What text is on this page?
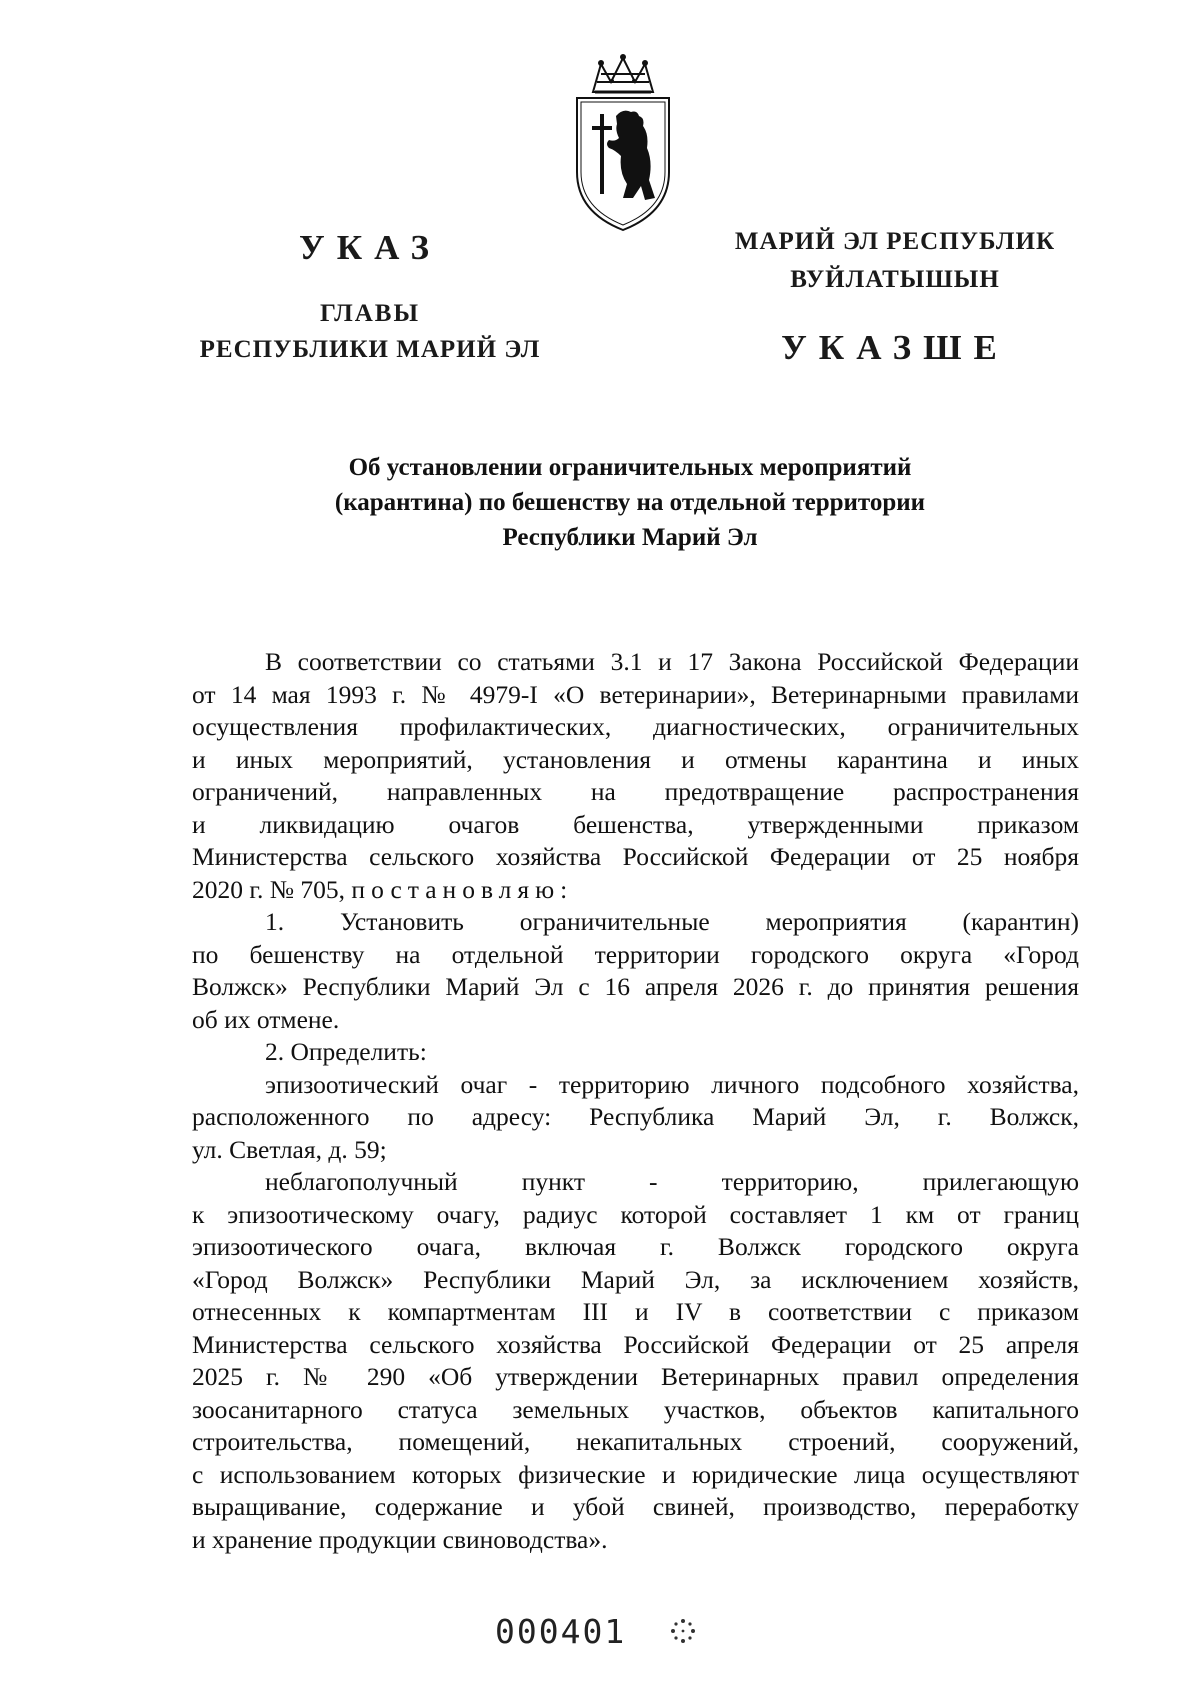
УКАЗ
ГЛАВЫ
РЕСПУБЛИКИ МАРИЙ ЭЛ
МАРИЙ ЭЛ РЕСПУБЛИК
ВУЙЛАТЫШЫН
УКАЗШЕ
Об установлении ограничительных мероприятий
(карантина) по бешенству на отдельной территории
Республики Марий Эл
В соответствии со статьями 3.1 и 17 Закона Российской Федерации
от 14 мая 1993 г. № 4979-I «О ветеринарии», Ветеринарными правилами
осуществления профилактических, диагностических, ограничительных
и иных мероприятий, установления и отмены карантина и иных
ограничений, направленных на предотвращение распространения
и ликвидацию очагов бешенства, утвержденными приказом
Министерства сельского хозяйства Российской Федерации от 25 ноября
2020 г. № 705, постановляю:
1. Установить ограничительные мероприятия (карантин)
по бешенству на отдельной территории городского округа «Город
Волжск» Республики Марий Эл с 16 апреля 2026 г. до принятия решения
об их отмене.
2. Определить:
эпизоотический очаг - территорию личного подсобного хозяйства,
расположенного по адресу: Республика Марий Эл, г. Волжск,
ул. Светлая, д. 59;
неблагополучный пункт - территорию, прилегающую
к эпизоотическому очагу, радиус которой составляет 1 км от границ
эпизоотического очага, включая г. Волжск городского округа
«Город Волжск» Республики Марий Эл, за исключением хозяйств,
отнесенных к компартментам III и IV в соответствии с приказом
Министерства сельского хозяйства Российской Федерации от 25 апреля
2025 г. № 290 «Об утверждении Ветеринарных правил определения
зоосанитарного статуса земельных участков, объектов капитального
строительства, помещений, некапитальных строений, сооружений,
с использованием которых физические и юридические лица осуществляют
выращивание, содержание и убой свиней, производство, переработку
и хранение продукции свиноводства».
000401
